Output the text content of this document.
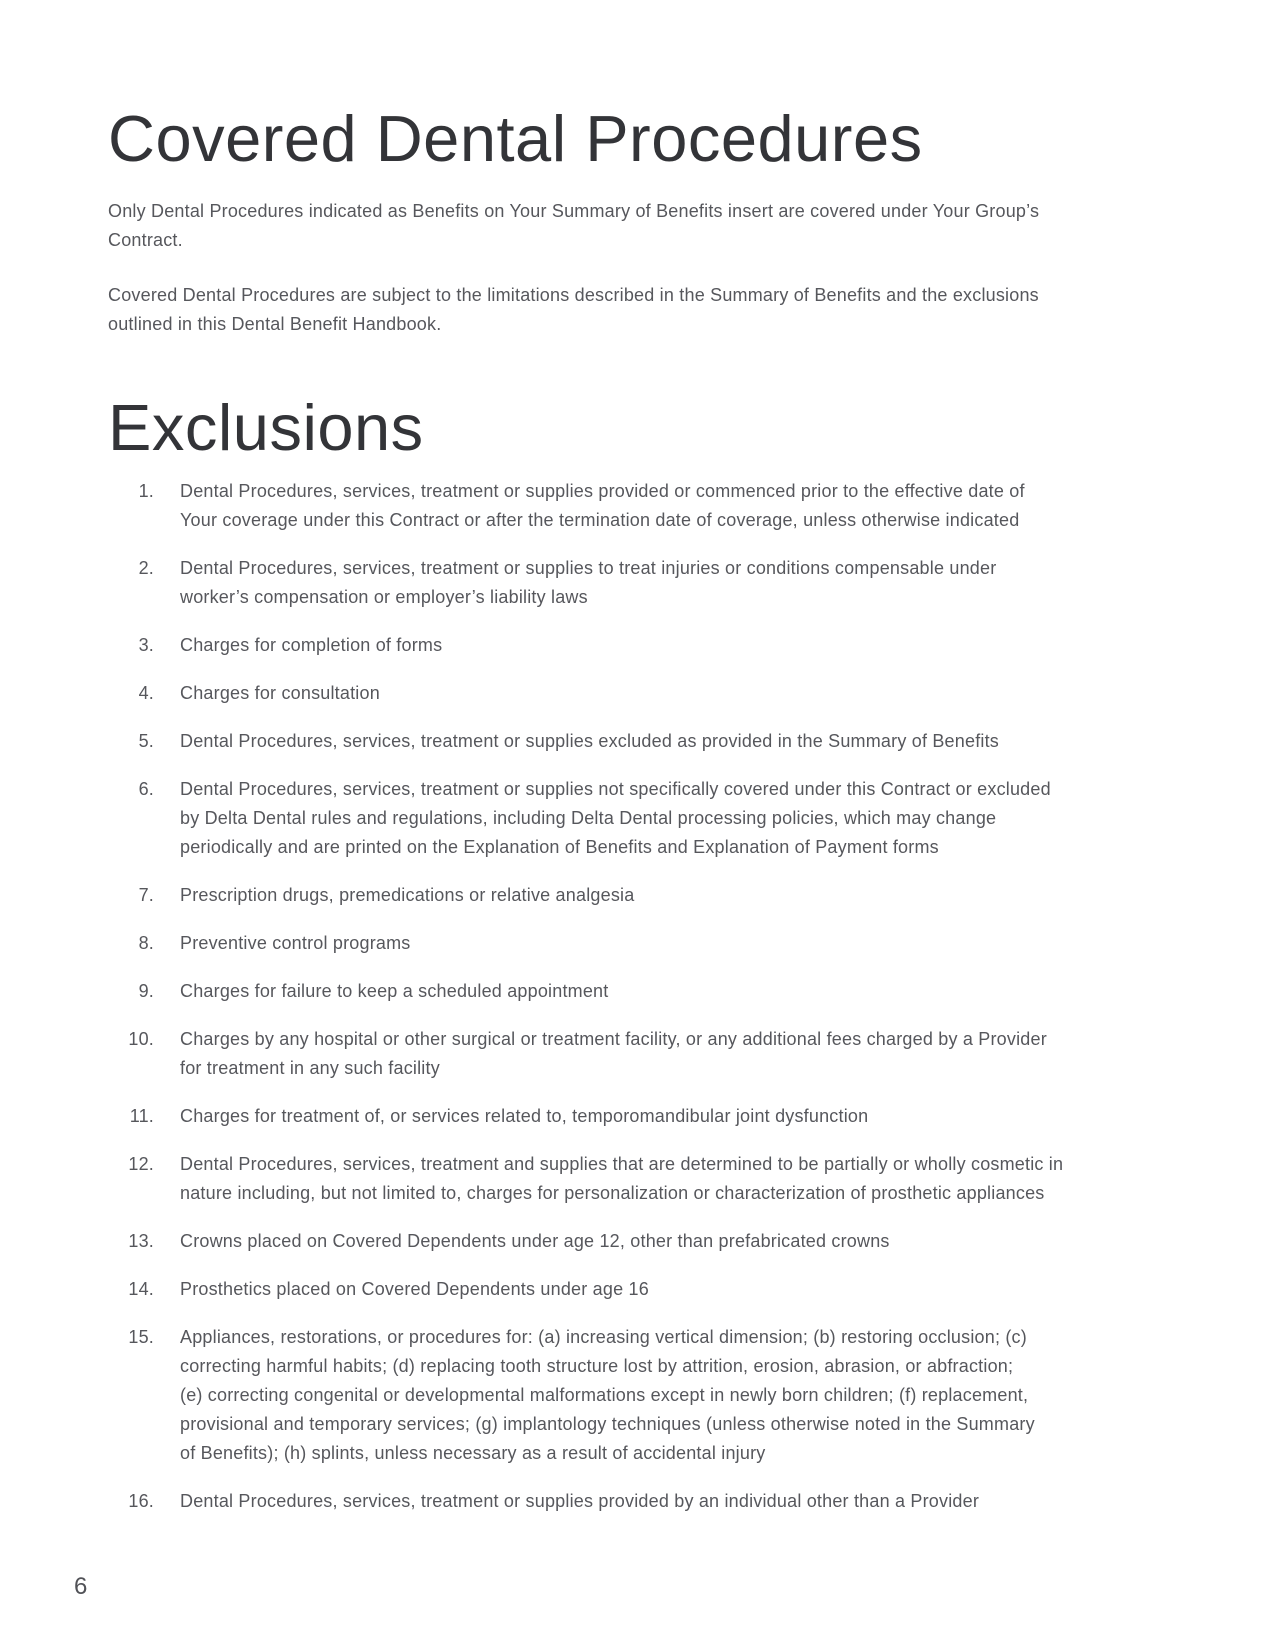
Covered Dental Procedures

Only Dental Procedures indicated as Benefits on Your Summary of Benefits insert are covered under Your Group’s
Contract.

Covered Dental Procedures are subject to the limitations described in the Summary of Benefits and the exclusions
outlined in this Dental Benefit Handbook.

Exclusions
1. Dental Procedures, services, treatment or supplies provided or commenced prior to the effective date of
Your coverage under this Contract or after the termination date of coverage, unless otherwise indicated
2. Dental Procedures, services, treatment or supplies to treat injuries or conditions compensable under
worker’s compensation or employer’s liability laws
3. Charges for completion of forms
4. Charges for consultation
5. Dental Procedures, services, treatment or supplies excluded as provided in the Summary of Benefits
6. Dental Procedures, services, treatment or supplies not specifically covered under this Contract or excluded
by Delta Dental rules and regulations, including Delta Dental processing policies, which may change
periodically and are printed on the Explanation of Benefits and Explanation of Payment forms
7. Prescription drugs, premedications or relative analgesia
8. Preventive control programs
9. Charges for failure to keep a scheduled appointment
10. Charges by any hospital or other surgical or treatment facility, or any additional fees charged by a Provider
for treatment in any such facility
11. Charges for treatment of, or services related to, temporomandibular joint dysfunction
12. Dental Procedures, services, treatment and supplies that are determined to be partially or wholly cosmetic in
nature including, but not limited to, charges for personalization or characterization of prosthetic appliances
13. Crowns placed on Covered Dependents under age 12, other than prefabricated crowns
14. Prosthetics placed on Covered Dependents under age 16
15. Appliances, restorations, or procedures for: (a) increasing vertical dimension; (b) restoring occlusion; (c)
correcting harmful habits; (d) replacing tooth structure lost by attrition, erosion, abrasion, or abfraction;
(e) correcting congenital or developmental malformations except in newly born children; (f) replacement,
provisional and temporary services; (g) implantology techniques (unless otherwise noted in the Summary
of Benefits); (h) splints, unless necessary as a result of accidental injury
16. Dental Procedures, services, treatment or supplies provided by an individual other than a Provider
6
